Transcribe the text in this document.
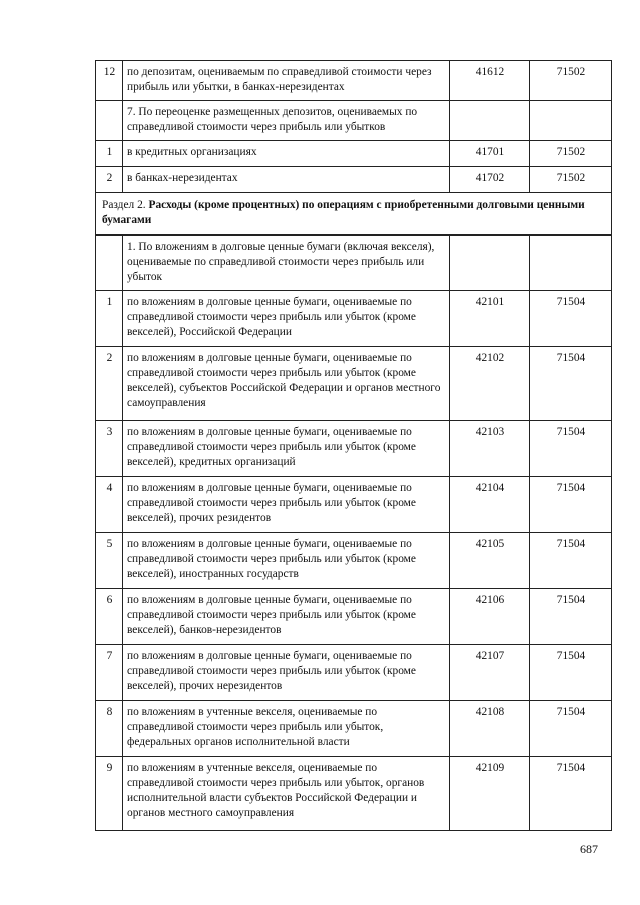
12	по депозитам, оцениваемым по справедливой стоимости через прибыль или убытки, в банках-нерезидентах	41612	71502
	7. По переоценке размещенных депозитов, оцениваемых по справедливой стоимости через прибыль или убытков		
1	в кредитных организациях	41701	71502
2	в банках-нерезидентах	41702	71502
Раздел 2. Расходы (кроме процентных) по операциям с приобретенными долговыми ценными бумагами			
	1. По вложениям в долговые ценные бумаги (включая векселя), оцениваемые по справедливой стоимости через прибыль или убыток		
1	по вложениям в долговые ценные бумаги, оцениваемые по справедливой стоимости через прибыль или убыток (кроме векселей), Российской Федерации	42101	71504
2	по вложениям в долговые ценные бумаги, оцениваемые по справедливой стоимости через прибыль или убыток (кроме векселей), субъектов Российской Федерации и органов местного самоуправления	42102	71504
3	по вложениям в долговые ценные бумаги, оцениваемые по справедливой стоимости через прибыль или убыток (кроме векселей), кредитных организаций	42103	71504
4	по вложениям в долговые ценные бумаги, оцениваемые по справедливой стоимости через прибыль или убыток (кроме векселей), прочих резидентов	42104	71504
5	по вложениям в долговые ценные бумаги, оцениваемые по справедливой стоимости через прибыль или убыток (кроме векселей), иностранных государств	42105	71504
6	по вложениям в долговые ценные бумаги, оцениваемые по справедливой стоимости через прибыль или убыток (кроме векселей), банков-нерезидентов	42106	71504
7	по вложениям в долговые ценные бумаги, оцениваемые по справедливой стоимости через прибыль или убыток (кроме векселей), прочих нерезидентов	42107	71504
8	по вложениям в учтенные векселя, оцениваемые по справедливой стоимости через прибыль или убыток, федеральных органов исполнительной власти	42108	71504
9	по вложениям в учтенные векселя, оцениваемые по справедливой стоимости через прибыль или убыток, органов исполнительной власти субъектов Российской Федерации и органов местного самоуправления	42109	71504
687
